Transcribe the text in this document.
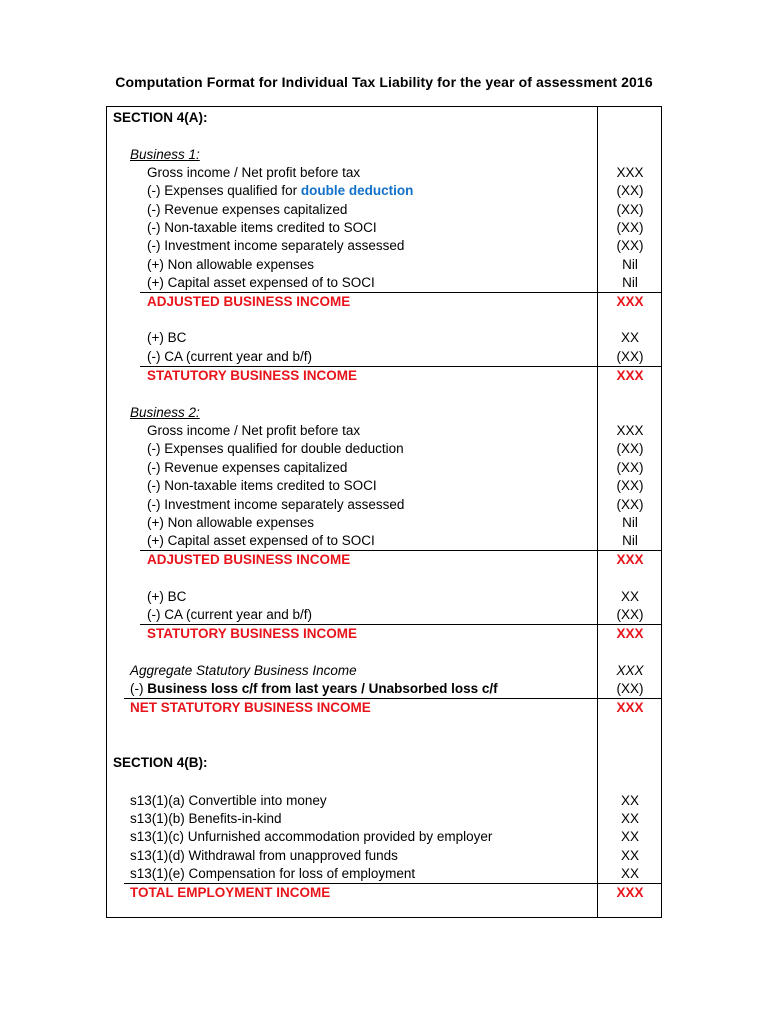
Computation Format for Individual Tax Liability for the year of assessment 2016
SECTION 4(A):
Business 1:
Gross income / Net profit before tax	XXX
(-) Expenses qualified for double deduction	(XX)
(-) Revenue expenses capitalized	(XX)
(-) Non-taxable items credited to SOCI	(XX)
(-) Investment income separately assessed	(XX)
(+) Non allowable expenses	Nil
(+) Capital asset expensed of to SOCI	Nil
ADJUSTED BUSINESS INCOME	XXX
(+) BC	XX
(-) CA (current year and b/f)	(XX)
STATUTORY BUSINESS INCOME	XXX
Business 2:
Gross income / Net profit before tax	XXX
(-) Expenses qualified for double deduction	(XX)
(-) Revenue expenses capitalized	(XX)
(-) Non-taxable items credited to SOCI	(XX)
(-) Investment income separately assessed	(XX)
(+) Non allowable expenses	Nil
(+) Capital asset expensed of to SOCI	Nil
ADJUSTED BUSINESS INCOME	XXX
(+) BC	XX
(-) CA (current year and b/f)	(XX)
STATUTORY BUSINESS INCOME	XXX
Aggregate Statutory Business Income	XXX
(-) Business loss c/f from last years / Unabsorbed loss c/f	(XX)
NET STATUTORY BUSINESS INCOME	XXX
SECTION 4(B):
s13(1)(a) Convertible into money	XX
s13(1)(b) Benefits-in-kind	XX
s13(1)(c) Unfurnished accommodation provided by employer	XX
s13(1)(d) Withdrawal from unapproved funds	XX
s13(1)(e) Compensation for loss of employment	XX
TOTAL EMPLOYMENT INCOME	XXX
